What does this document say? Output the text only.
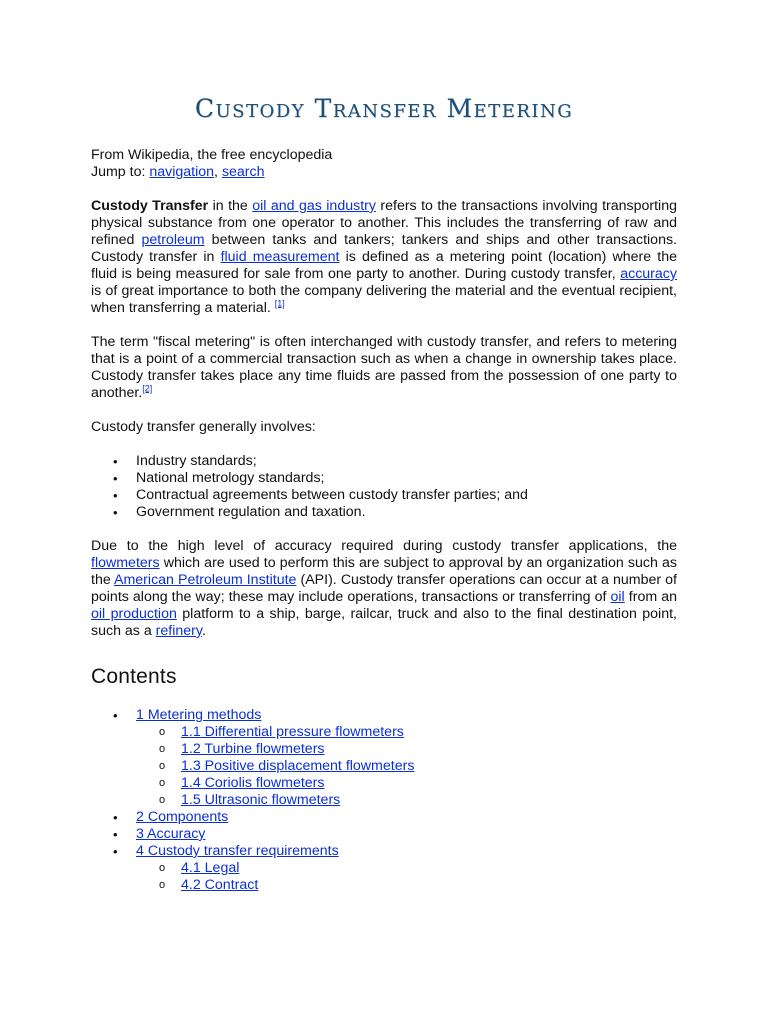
Custody Transfer Metering

From Wikipedia, the free encyclopedia
Jump to: navigation, search

Custody Transfer in the oil and gas industry refers to the transactions involving transporting physical substance from one operator to another. This includes the transferring of raw and refined petroleum between tanks and tankers; tankers and ships and other transactions. Custody transfer in fluid measurement is defined as a metering point (location) where the fluid is being measured for sale from one party to another. During custody transfer, accuracy is of great importance to both the company delivering the material and the eventual recipient, when transferring a material. [1]

The term "fiscal metering" is often interchanged with custody transfer, and refers to metering that is a point of a commercial transaction such as when a change in ownership takes place. Custody transfer takes place any time fluids are passed from the possession of one party to another.[2]

Custody transfer generally involves:

• Industry standards;
• National metrology standards;
• Contractual agreements between custody transfer parties; and
• Government regulation and taxation.

Due to the high level of accuracy required during custody transfer applications, the flowmeters which are used to perform this are subject to approval by an organization such as the American Petroleum Institute (API). Custody transfer operations can occur at a number of points along the way; these may include operations, transactions or transferring of oil from an oil production platform to a ship, barge, railcar, truck and also to the final destination point, such as a refinery.

Contents
• 1 Metering methods
o 1.1 Differential pressure flowmeters
o 1.2 Turbine flowmeters
o 1.3 Positive displacement flowmeters
o 1.4 Coriolis flowmeters
o 1.5 Ultrasonic flowmeters
• 2 Components
• 3 Accuracy
• 4 Custody transfer requirements
o 4.1 Legal
o 4.2 Contract
